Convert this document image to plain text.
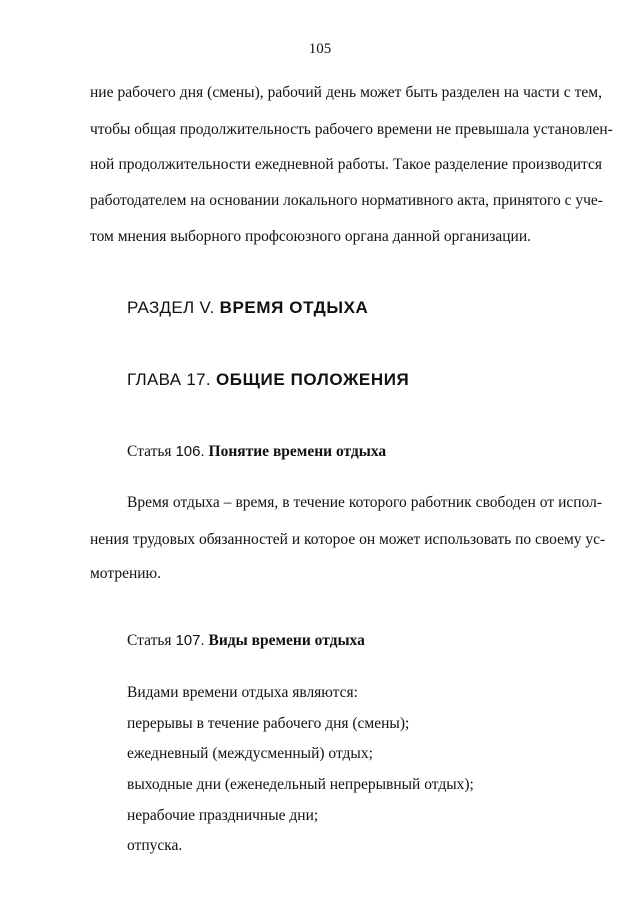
105
ние рабочего дня (смены), рабочий день может быть разделен на части с тем,
чтобы общая продолжительность рабочего времени не превышала установлен-
ной продолжительности ежедневной работы. Такое разделение производится
работодателем на основании локального нормативного акта, принятого с уче-
том мнения выборного профсоюзного органа данной организации.
РАЗДЕЛ V. ВРЕМЯ ОТДЫХА
ГЛАВА 17. ОБЩИЕ ПОЛОЖЕНИЯ
Статья 106. Понятие времени отдыха
Время отдыха – время, в течение которого работник свободен от испол-
нения трудовых обязанностей и которое он может использовать по своему ус-
мотрению.
Статья 107. Виды времени отдыха
Видами времени отдыха являются:
перерывы в течение рабочего дня (смены);
ежедневный (междусменный) отдых;
выходные дни (еженедельный непрерывный отдых);
нерабочие праздничные дни;
отпуска.
